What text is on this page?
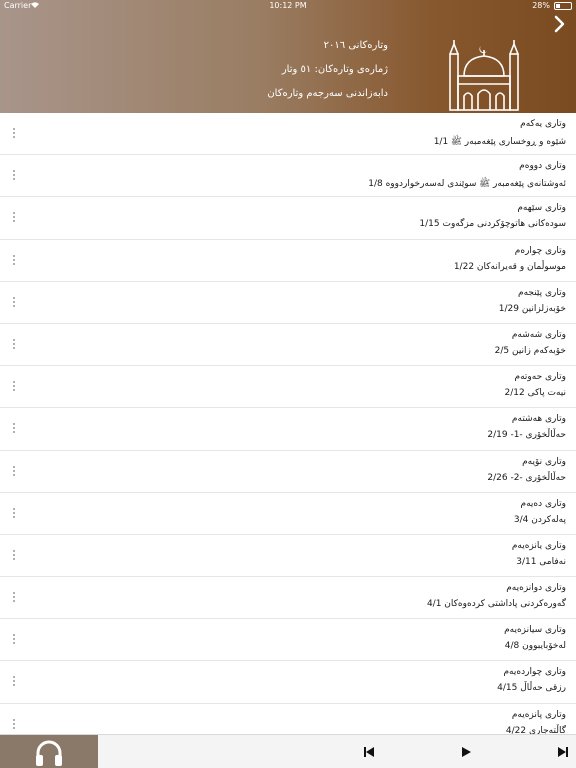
وتارەکانی ٢٠١٦
ژمارەی وتارەکان: ٥١ وتار
دابەزاندنی سەرجەم وتارەکان
Carrier	10:12 PM	28%
وتاری یەکەم
شێوە و ڕوخساری پێغەمبەر ﷺ 1/1
وتاری دووەم
ئەوشتانەی پێغەمبەر ﷺ سوێندی لەسەرخواردووە 1/8
وتاری سێهەم
سودەکانی هاتوچۆکردنی مزگەوت 1/15
وتاری چوارەم
موسوڵمان و قەیرانەکان 1/22
وتاری پێنجەم
خۆبەزلزانین 1/29
وتاری شەشەم
خۆبەکەم زانین 2/5
وتاری حەوتەم
نیەت پاکی 2/12
وتاری هەشتەم
حەڵاڵخۆری -1- 2/19
وتاری نۆیەم
حەڵاڵخۆری -2- 2/26
وتاری دەیەم
پەلەکردن 3/4
وتاری یانزەیەم
نەفامی 3/11
وتاری دوانزەیەم
گەورەکردنی پاداشتی کردەوەکان 4/1
وتاری سیانزەیەم
لەخۆبایبوون 4/8
وتاری چواردەیەم
رزقی حەڵاڵ 4/15
وتاری پانزەیەم
گاڵتەجاری 4/22
